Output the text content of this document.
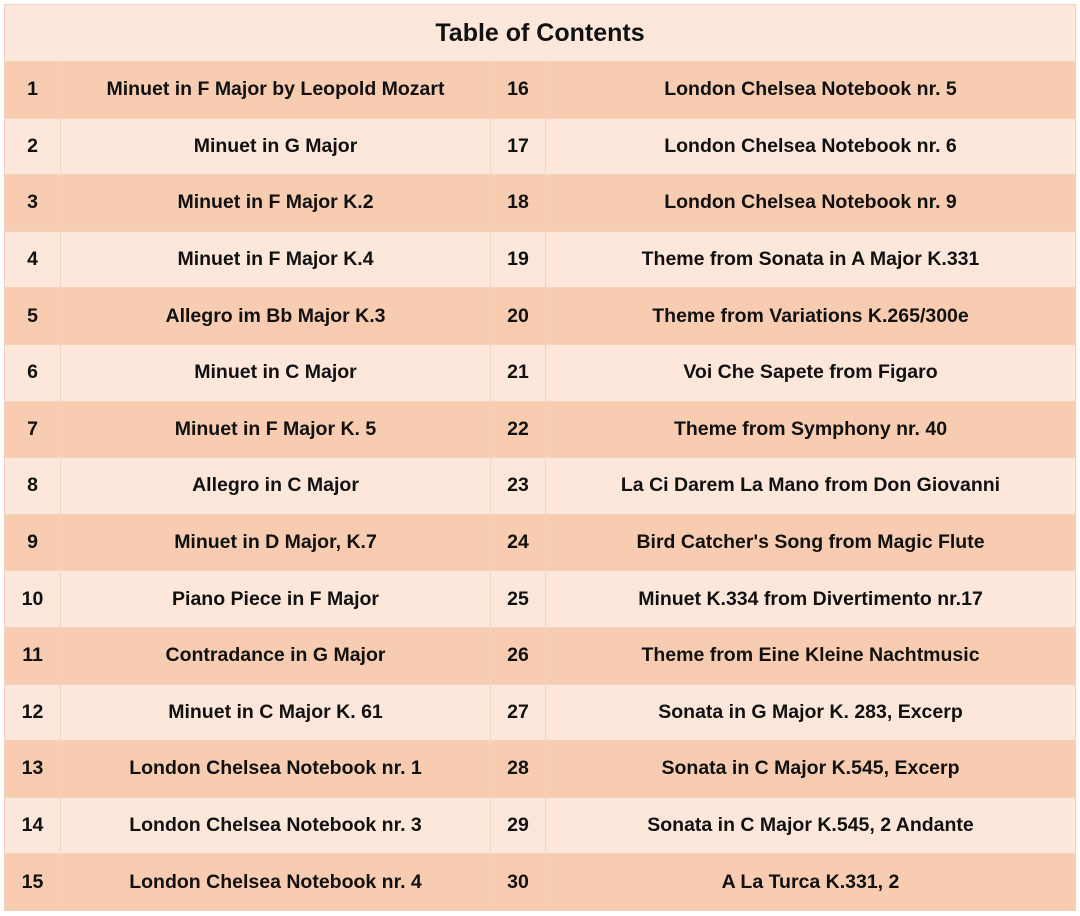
Table of Contents			
1	Minuet in F Major by Leopold Mozart	16	London Chelsea Notebook nr. 5
2	Minuet in G Major	17	London Chelsea Notebook nr. 6
3	Minuet in F Major K.2	18	London Chelsea Notebook nr. 9
4	Minuet in F Major K.4	19	Theme from Sonata in A Major K.331
5	Allegro im Bb Major K.3	20	Theme from Variations K.265/300e
6	Minuet in C Major	21	Voi Che Sapete from Figaro
7	Minuet in F Major K. 5	22	Theme from Symphony nr. 40
8	Allegro in C Major	23	La Ci Darem La Mano from Don Giovanni
9	Minuet in D Major, K.7	24	Bird Catcher's Song from Magic Flute
10	Piano Piece in F Major	25	Minuet K.334 from Divertimento nr.17
11	Contradance in G Major	26	Theme from Eine Kleine Nachtmusic
12	Minuet in C Major K. 61	27	Sonata in G Major K. 283, Excerp
13	London Chelsea Notebook nr. 1	28	Sonata in C Major K.545, Excerp
14	London Chelsea Notebook nr. 3	29	Sonata in C Major K.545, 2 Andante
15	London Chelsea Notebook nr. 4	30	A La Turca K.331, 2
